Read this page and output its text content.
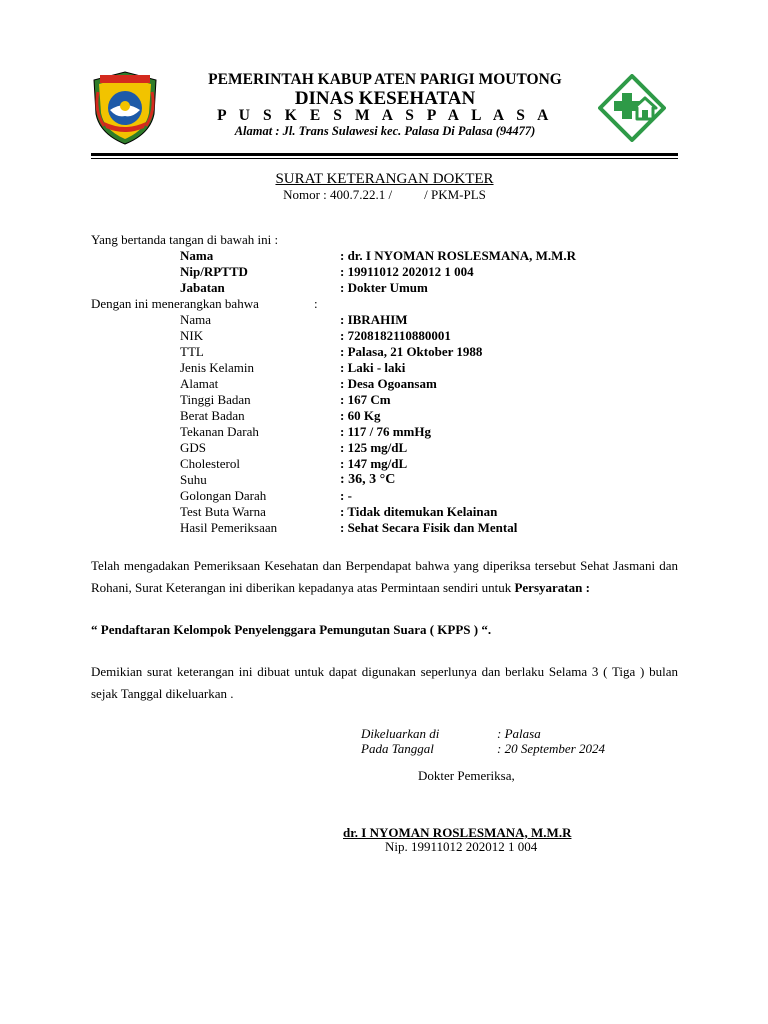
PEMERINTAH KABUP ATEN PARIGI MOUTONG
DINAS KESEHATAN
P U S K E S M A S P A L A S A
Alamat : Jl. Trans Sulawesi kec. Palasa Di Palasa (94477)
SURAT KETERANGAN DOKTER
Nomor : 400.7.22.1 / / PKM-PLS
Yang bertanda tangan di bawah ini :
Nama	: dr. I NYOMAN ROSLESMANA, M.M.R
Nip/RPTTD	: 19911012 202012 1 004
Jabatan	: Dokter Umum
Dengan ini menerangkan bahwa	:
Nama	: IBRAHIM
NIK	: 7208182110880001
TTL	: Palasa, 21 Oktober 1988
Jenis Kelamin	: Laki - laki
Alamat	: Desa Ogoansam
Tinggi Badan	: 167 Cm
Berat Badan	: 60 Kg
Tekanan Darah	: 117 / 76 mmHg
GDS	: 125 mg/dL
Cholesterol	: 147 mg/dL
Suhu	: 36, 3 °C
Golongan Darah	: -
Test Buta Warna	: Tidak ditemukan Kelainan
Hasil Pemeriksaan	: Sehat Secara Fisik dan Mental
Telah mengadakan Pemeriksaan Kesehatan dan Berpendapat bahwa yang diperiksa tersebut Sehat Jasmani dan Rohani, Surat Keterangan ini diberikan kepadanya atas Permintaan sendiri untuk Persyaratan :
“ Pendaftaran Kelompok Penyelenggara Pemungutan Suara ( KPPS ) “.
Demikian surat keterangan ini dibuat untuk dapat digunakan seperlunya dan berlaku Selama 3 ( Tiga ) bulan sejak Tanggal dikeluarkan .
Dikeluarkan di	: Palasa
Pada Tanggal	: 20 September 2024
Dokter Pemeriksa,
dr. I NYOMAN ROSLESMANA, M.M.R
Nip. 19911012 202012 1 004
